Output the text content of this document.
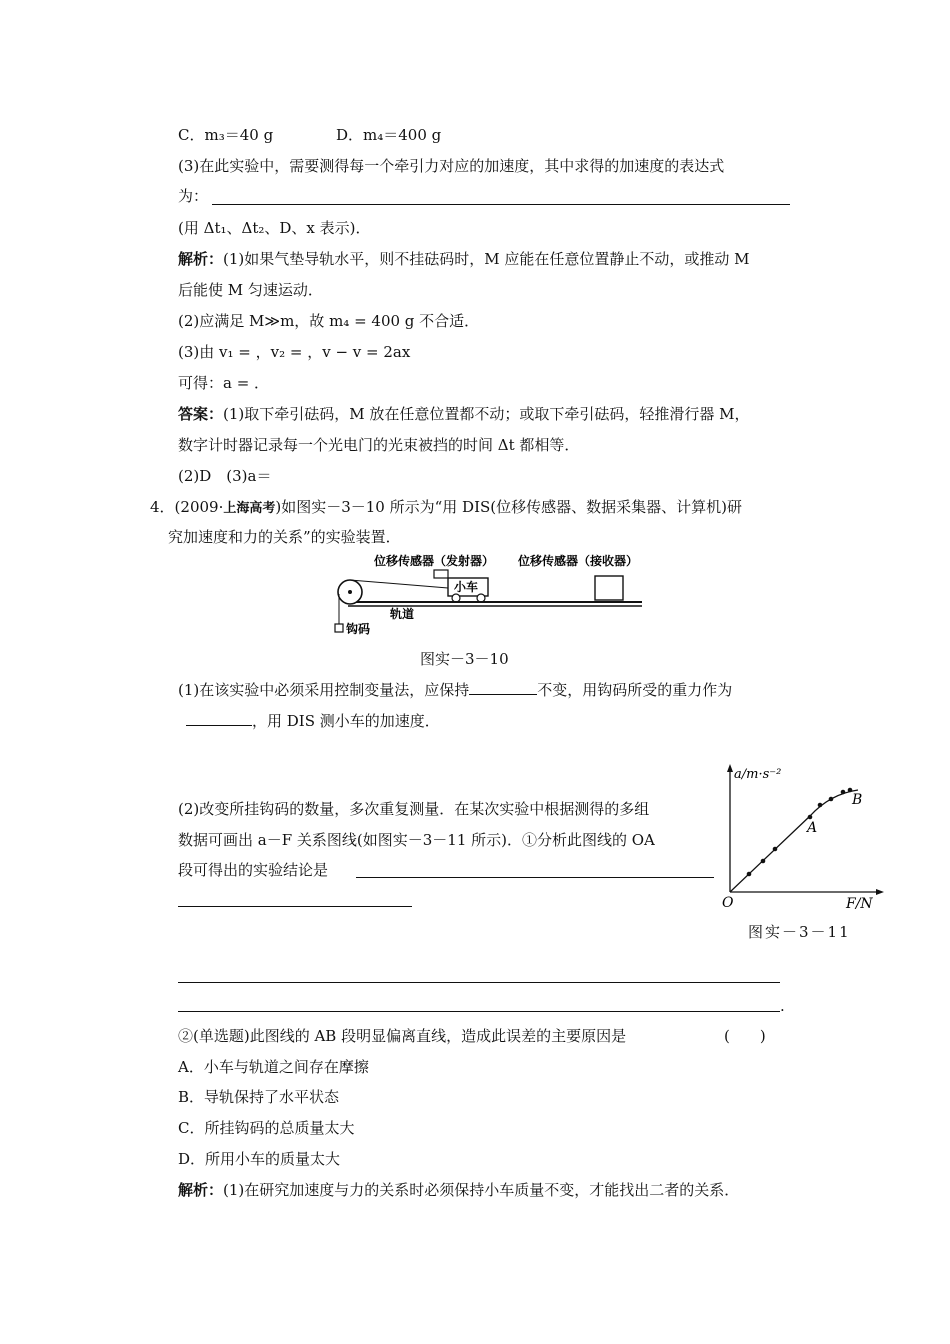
C．m₃＝40 g	D．m₄＝400 g
(3)在此实验中，需要测得每一个牵引力对应的加速度，其中求得的加速度的表达式
为：
(用 Δt₁、Δt₂、D、x 表示)．
解析：(1)如果气垫导轨水平，则不挂砝码时，M 应能在任意位置静止不动，或推动 M
后能使 M 匀速运动．
(2)应满足 M≫m，故 m₄ = 400 g 不合适．
(3)由 v₁ = ，v₂ = ，v − v = 2ax
可得：a = ．
答案：(1)取下牵引砝码，M 放在任意位置都不动；或取下牵引砝码，轻推滑行器 M，
数字计时器记录每一个光电门的光束被挡的时间 Δt 都相等．
(2)D　(3)a＝
4．(2009·上海高考)如图实－3－10 所示为“用 DIS(位移传感器、数据采集器、计算机)研
究加速度和力的关系”的实验装置．
位移传感器（发射器） 位移传感器（接收器）
小车
轨道
钩码
图实－3－10
(1)在该实验中必须采用控制变量法，应保持	不变，用钩码所受的重力作为
，用 DIS 测小车的加速度．
(2)改变所挂钩码的数量，多次重复测量．在某次实验中根据测得的多组
数据可画出 a－F 关系图线(如图实－3－11 所示)．①分析此图线的 OA
段可得出的实验结论是
a/m·s⁻²
F/N
O
A
B
图实－3－11
.
②(单选题)此图线的 AB 段明显偏离直线，造成此误差的主要原因是	(　　)
A．小车与轨道之间存在摩擦
B．导轨保持了水平状态
C．所挂钩码的总质量太大
D．所用小车的质量太大
解析：(1)在研究加速度与力的关系时必须保持小车质量不变，才能找出二者的关系．
